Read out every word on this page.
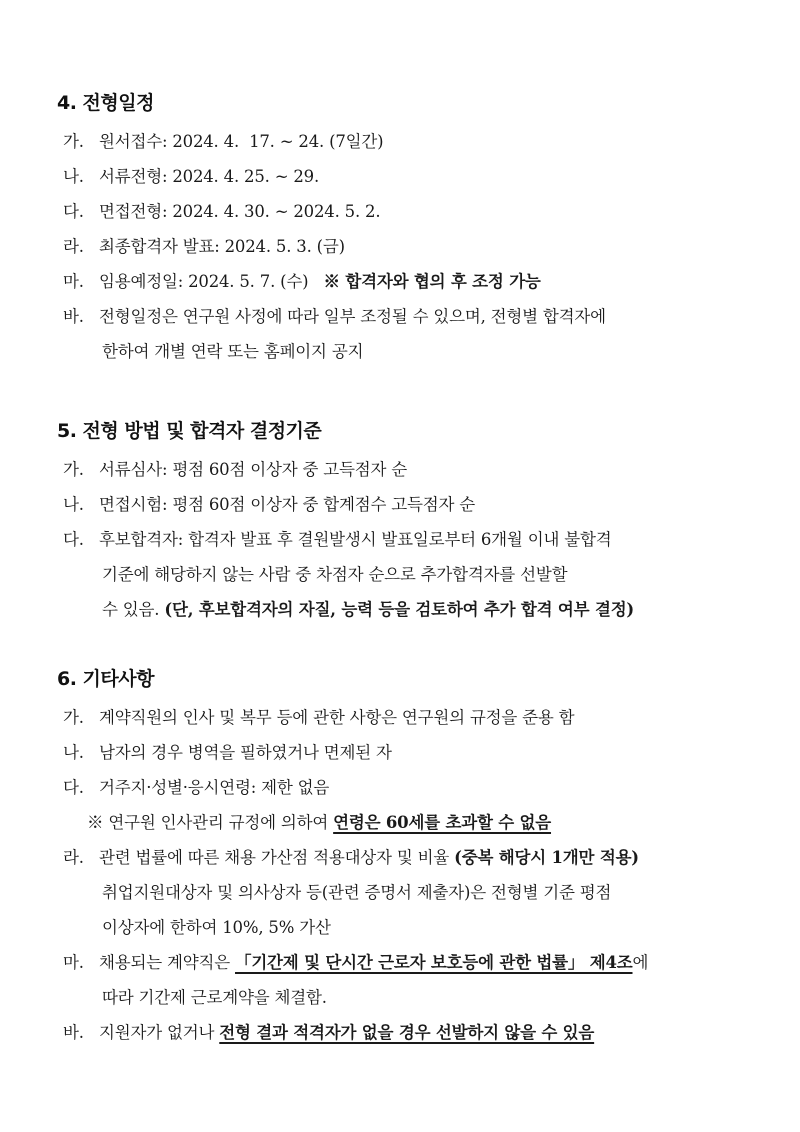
4. 전형일정
가. 원서접수: 2024. 4.  17. ~ 24. (7일간)
나. 서류전형: 2024. 4. 25. ~ 29.
다. 면접전형: 2024. 4. 30. ~ 2024. 5. 2.
라. 최종합격자 발표: 2024. 5. 3. (금)
마. 임용예정일: 2024. 5. 7. (수) ※ 합격자와 협의 후 조정 가능
바. 전형일정은 연구원 사정에 따라 일부 조정될 수 있으며, 전형별 합격자에
한하여 개별 연락 또는 홈페이지 공지
5. 전형 방법 및 합격자 결정기준
가. 서류심사: 평점 60점 이상자 중 고득점자 순
나. 면접시험: 평점 60점 이상자 중 합계점수 고득점자 순
다. 후보합격자: 합격자 발표 후 결원발생시 발표일로부터 6개월 이내 불합격
기준에 해당하지 않는 사람 중 차점자 순으로 추가합격자를 선발할
수 있음. (단, 후보합격자의 자질, 능력 등을 검토하여 추가 합격 여부 결정)
6. 기타사항
가. 계약직원의 인사 및 복무 등에 관한 사항은 연구원의 규정을 준용 함
나. 남자의 경우 병역을 필하였거나 면제된 자
다. 거주지·성별·응시연령: 제한 없음
※ 연구원 인사관리 규정에 의하여 연령은 60세를 초과할 수 없음
라. 관련 법률에 따른 채용 가산점 적용대상자 및 비율 (중복 해당시 1개만 적용)
취업지원대상자 및 의사상자 등(관련 증명서 제출자)은 전형별 기준 평점
이상자에 한하여 10%, 5% 가산
마. 채용되는 계약직은 「기간제 및 단시간 근로자 보호등에 관한 법률」 제4조에
따라 기간제 근로계약을 체결함.
바. 지원자가 없거나 전형 결과 적격자가 없을 경우 선발하지 않을 수 있음
